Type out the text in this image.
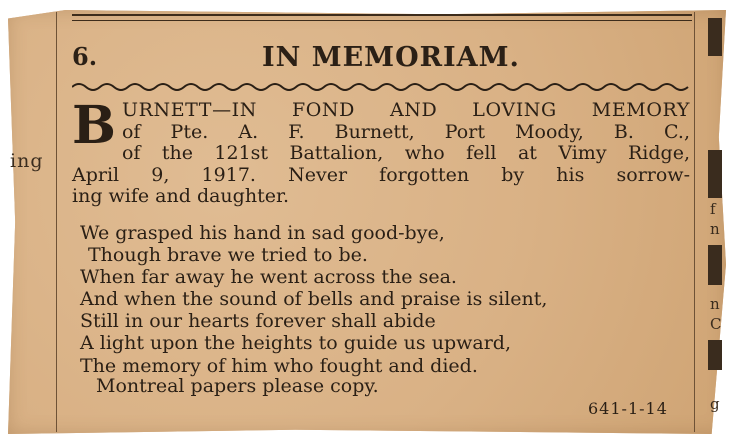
ing
6.	IN MEMORIAM.
B URNETT—IN FOND AND LOVING MEMORY
of Pte. A. F. Burnett, Port Moody, B. C.,
of the 121st Battalion, who fell at Vimy Ridge,
April 9, 1917. Never forgotten by his sorrow-
ing wife and daughter.
We grasped his hand in sad good-bye,
Though brave we tried to be.
When far away he went across the sea.
And when the sound of bells and praise is silent,
Still in our hearts forever shall abide
A light upon the heights to guide us upward,
The memory of him who fought and died.
Montreal papers please copy.
641-1-14
f
n
n
C
g
